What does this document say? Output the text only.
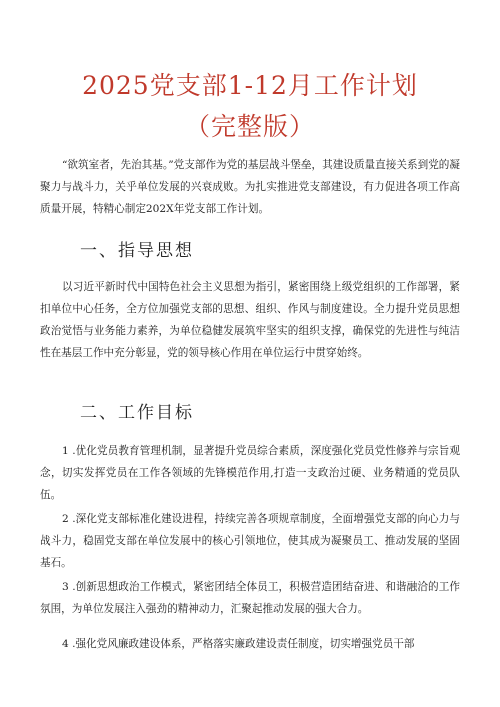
2025党支部1-12月工作计划
（完整版）

“欲筑室者，先治其基。”党支部作为党的基层战斗堡垒，其建设质量直接关系到党的凝聚力与战斗力，关乎单位发展的兴衰成败。为扎实推进党支部建设，有力促进各项工作高质量开展，特精心制定202X年党支部工作计划。

一、指导思想

以习近平新时代中国特色社会主义思想为指引，紧密围绕上级党组织的工作部署，紧扣单位中心任务，全方位加强党支部的思想、组织、作风与制度建设。全力提升党员思想政治觉悟与业务能力素养，为单位稳健发展筑牢坚实的组织支撑，确保党的先进性与纯洁性在基层工作中充分彰显，党的领导核心作用在单位运行中贯穿始终。

二、工作目标

1 .优化党员教育管理机制，显著提升党员综合素质，深度强化党员党性修养与宗旨观念，切实发挥党员在工作各领域的先锋模范作用,打造一支政治过硬、业务精通的党员队伍。

2 .深化党支部标准化建设进程，持续完善各项规章制度，全面增强党支部的向心力与战斗力，稳固党支部在单位发展中的核心引领地位，使其成为凝聚员工、推动发展的坚固基石。

3 .创新思想政治工作模式，紧密团结全体员工，积极营造团结奋进、和谐融洽的工作氛围，为单位发展注入强劲的精神动力，汇聚起推动发展的强大合力。

4 .强化党风廉政建设体系，严格落实廉政建设责任制度，切实增强党员干部
